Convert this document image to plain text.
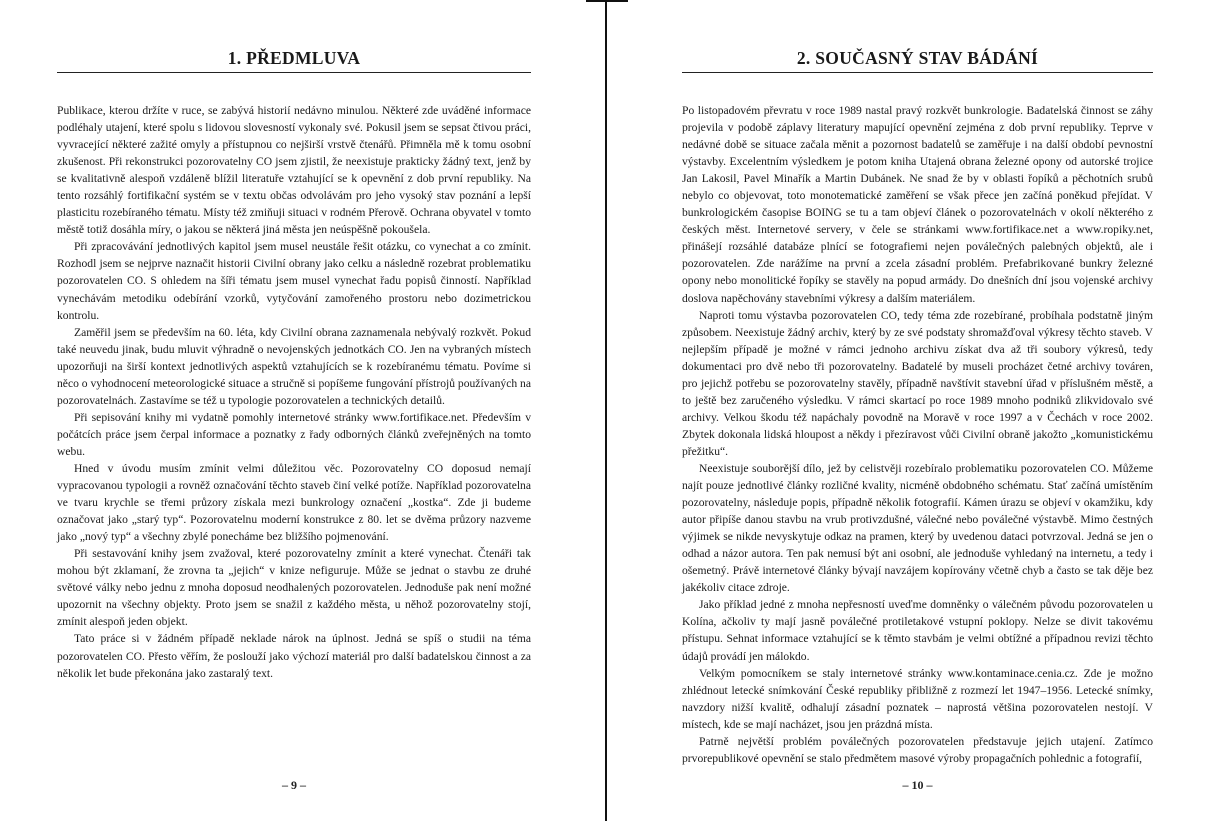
1. PŘEDMLUVA

Publikace, kterou držíte v ruce, se zabývá historií nedávno minulou. Některé zde uváděné informace podléhaly utajení, které spolu s lidovou slovesností vykonaly své. Pokusil jsem se sepsat čtivou práci, vyvracející některé zažité omyly a přístupnou co nejširší vrstvě čtenářů. Přimněla mě k tomu osobní zkušenost. Při rekonstrukci pozorovatelny CO jsem zjistil, že neexistuje prakticky žádný text, jenž by se kvalitativně alespoň vzdáleně blížil literatuře vztahující se k opevnění z dob první republiky. Na tento rozsáhlý fortifikační systém se v textu občas odvolávám pro jeho vysoký stav poznání a lepší plasticitu rozebíraného tématu. Místy též zmiňuji situaci v rodném Přerově. Ochrana obyvatel v tomto městě totiž dosáhla míry, o jakou se některá jiná města jen neúspěšně pokoušela.

Při zpracovávání jednotlivých kapitol jsem musel neustále řešit otázku, co vynechat a co zmínit. Rozhodl jsem se nejprve naznačit historii Civilní obrany jako celku a následně rozebrat problematiku pozorovatelen CO. S ohledem na šíři tématu jsem musel vynechat řadu popisů činností. Například vynechávám metodiku odebírání vzorků, vytyčování zamořeného prostoru nebo dozimetrickou kontrolu.

Zaměřil jsem se především na 60. léta, kdy Civilní obrana zaznamenala nebývalý rozkvět. Pokud také neuvedu jinak, budu mluvit výhradně o nevojenských jednotkách CO. Jen na vybraných místech upozorňuji na širší kontext jednotlivých aspektů vztahujících se k rozebíranému tématu. Povíme si něco o vyhodnocení meteorologické situace a stručně si popíšeme fungování přístrojů používaných na pozorovatelnách. Zastavíme se též u typologie pozorovatelen a technických detailů.

Při sepisování knihy mi vydatně pomohly internetové stránky www.fortifikace.net. Především v počátcích práce jsem čerpal informace a poznatky z řady odborných článků zveřejněných na tomto webu.

Hned v úvodu musím zmínit velmi důležitou věc. Pozorovatelny CO doposud nemají vypracovanou typologii a rovněž označování těchto staveb činí velké potíže. Například pozorovatelna ve tvaru krychle se třemi průzory získala mezi bunkrology označení „kostka“. Zde ji budeme označovat jako „starý typ“. Pozorovatelnu moderní konstrukce z 80. let se dvěma průzory nazveme jako „nový typ“ a všechny zbylé ponecháme bez bližšího pojmenování.

Při sestavování knihy jsem zvažoval, které pozorovatelny zmínit a které vynechat. Čtenáři tak mohou být zklamaní, že zrovna ta „jejich“ v knize nefiguruje. Může se jednat o stavbu ze druhé světové války nebo jednu z mnoha doposud neodhalených pozorovatelen. Jednoduše pak není možné upozornit na všechny objekty. Proto jsem se snažil z každého města, u něhož pozorovatelny stojí, zmínit alespoň jeden objekt.

Tato práce si v žádném případě neklade nárok na úplnost. Jedná se spíš o studii na téma pozorovatelen CO. Přesto věřím, že poslouží jako výchozí materiál pro další badatelskou činnost a za několik let bude překonána jako zastaralý text.

– 9 –
2. SOUČASNÝ STAV BÁDÁNÍ

Po listopadovém převratu v roce 1989 nastal pravý rozkvět bunkrologie. Badatelská činnost se záhy projevila v podobě záplavy literatury mapující opevnění zejména z dob první republiky. Teprve v nedávné době se situace začala měnit a pozornost badatelů se zaměřuje i na další období pevnostní výstavby. Excelentním výsledkem je potom kniha Utajená obrana železné opony od autorské trojice Jan Lakosil, Pavel Minařík a Martin Dubánek. Ne snad že by v oblasti řopíků a pěchotních srubů nebylo co objevovat, toto monotematické zaměření se však přece jen začíná poněkud přejídat. V bunkrologickém časopise BOING se tu a tam objeví článek o pozorovatelnách v okolí některého z českých měst. Internetové servery, v čele se stránkami www.fortifikace.net a www.ropiky.net, přinášejí rozsáhlé databáze plnící se fotografiemi nejen poválečných palebných objektů, ale i pozorovatelen. Zde narážíme na první a zcela zásadní problém. Prefabrikované bunkry železné opony nebo monolitické řopíky se stavěly na popud armády. Do dnešních dní jsou vojenské archivy doslova napěchovány stavebními výkresy a dalším materiálem.

Naproti tomu výstavba pozorovatelen CO, tedy téma zde rozebírané, probíhala podstatně jiným způsobem. Neexistuje žádný archiv, který by ze své podstaty shromažďoval výkresy těchto staveb. V nejlepším případě je možné v rámci jednoho archivu získat dva až tři soubory výkresů, tedy dokumentaci pro dvě nebo tři pozorovatelny. Badatelé by museli procházet četné archivy továren, pro jejichž potřebu se pozorovatelny stavěly, případně navštívit stavební úřad v příslušném městě, a to ještě bez zaručeného výsledku. V rámci skartací po roce 1989 mnoho podniků zlikvidovalo své archivy. Velkou škodu též napáchaly povodně na Moravě v roce 1997 a v Čechách v roce 2002. Zbytek dokonala lidská hloupost a někdy i přezíravost vůči Civilní obraně jakožto „komunistickému přežitku“.

Neexistuje souborější dílo, jež by celistvěji rozebíralo problematiku pozorovatelen CO. Můžeme najít pouze jednotlivé články rozličné kvality, nicméně obdobného schématu. Stať začíná umístěním pozorovatelny, následuje popis, případně několik fotografií. Kámen úrazu se objeví v okamžiku, kdy autor připíše danou stavbu na vrub protivzdušné, válečné nebo poválečné výstavbě. Mimo čestných výjimek se nikde nevyskytuje odkaz na pramen, který by uvedenou dataci potvrzoval. Jedná se jen o odhad a názor autora. Ten pak nemusí být ani osobní, ale jednoduše vyhledaný na internetu, a tedy i ošemetný. Právě internetové články bývají navzájem kopírovány včetně chyb a často se tak děje bez jakékoliv citace zdroje.

Jako příklad jedné z mnoha nepřesností uveďme domněnky o válečném původu pozorovatelen u Kolína, ačkoliv ty mají jasně poválečné protiletakové vstupní poklopy. Nelze se divit takovému přístupu. Sehnat informace vztahující se k těmto stavbám je velmi obtížné a případnou revizi těchto údajů provádí jen málokdo.

Velkým pomocníkem se staly internetové stránky www.kontaminace.cenia.cz. Zde je možno zhlédnout letecké snímkování České republiky přibližně z rozmezí let 1947–1956. Letecké snímky, navzdory nižší kvalitě, odhalují zásadní poznatek – naprostá většina pozorovatelen nestojí. V místech, kde se mají nacházet, jsou jen prázdná místa.

Patrně největší problém poválečných pozorovatelen představuje jejich utajení. Zatímco prvorepublikové opevnění se stalo předmětem masové výroby propagačních pohlednic a fotografií,

– 10 –
